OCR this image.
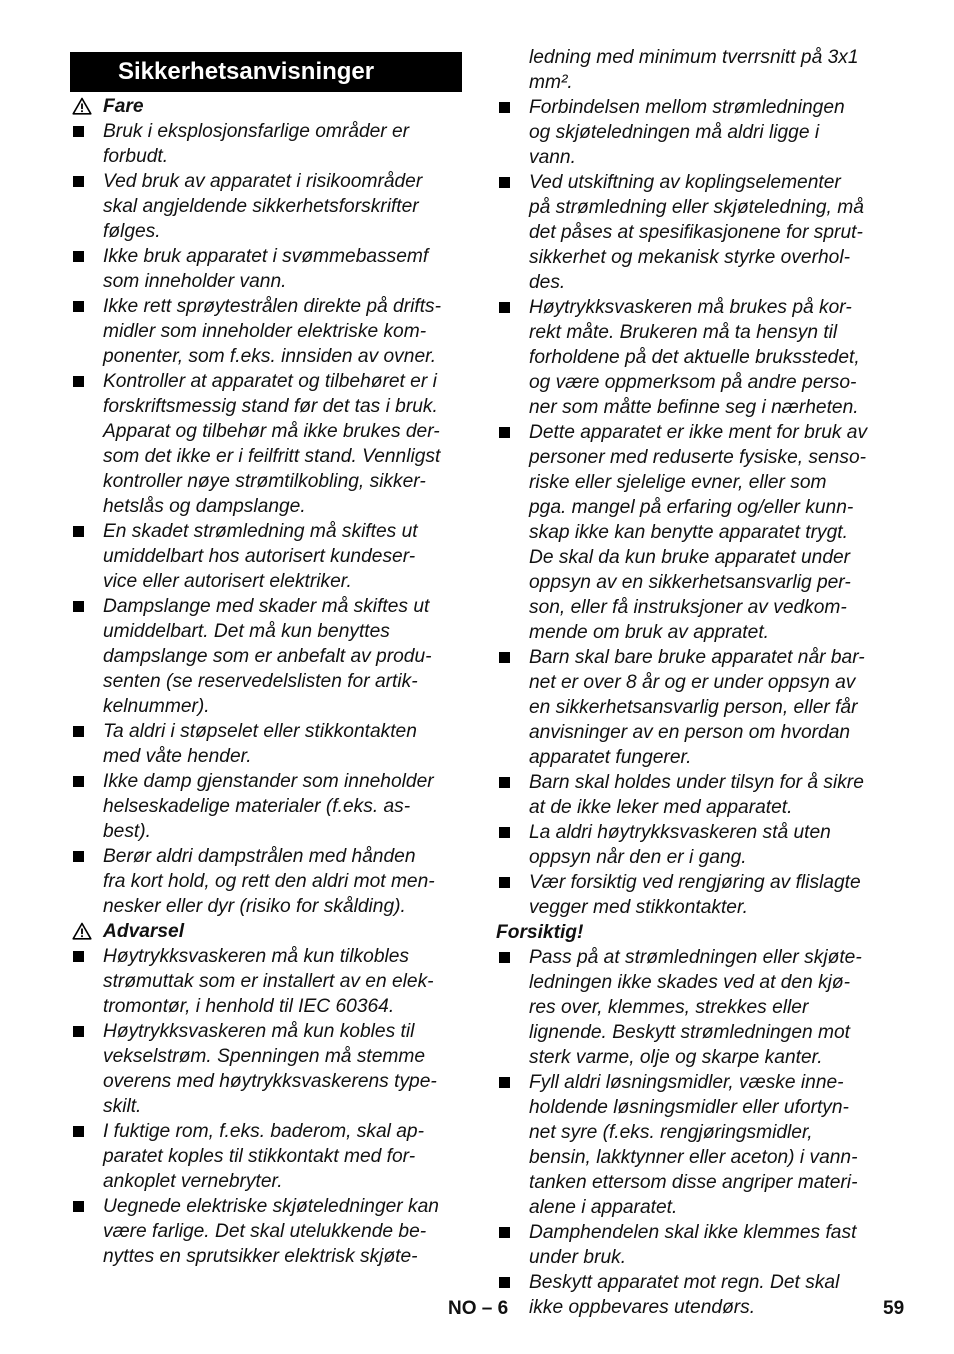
Sikkerhetsanvisninger
Fare
Bruk i eksplosjonsfarlige områder er
forbudt.
Ved bruk av apparatet i risikoområder
skal angjeldende sikkerhetsforskrifter
følges.
Ikke bruk apparatet i svømmebassemf
som inneholder vann.
Ikke rett sprøytestrålen direkte på drifts-
midler som inneholder elektriske kom-
ponenter, som f.eks. innsiden av ovner.
Kontroller at apparatet og tilbehøret er i
forskriftsmessig stand før det tas i bruk.
Apparat og tilbehør må ikke brukes der-
som det ikke er i feilfritt stand. Vennligst
kontroller nøye strømtilkobling, sikker-
hetslås og dampslange.
En skadet strømledning må skiftes ut
umiddelbart hos autorisert kundeser-
vice eller autorisert elektriker.
Dampslange med skader må skiftes ut
umiddelbart. Det må kun benyttes
dampslange som er anbefalt av produ-
senten (se reservedelslisten for artik-
kelnummer).
Ta aldri i støpselet eller stikkontakten
med våte hender.
Ikke damp gjenstander som inneholder
helseskadelige materialer (f.eks. as-
best).
Berør aldri dampstrålen med hånden
fra kort hold, og rett den aldri mot men-
nesker eller dyr (risiko for skålding).
Advarsel
Høytrykksvaskeren må kun tilkobles
strømuttak som er installert av en elek-
tromontør, i henhold til IEC 60364.
Høytrykksvaskeren må kun kobles til
vekselstrøm. Spenningen må stemme
overens med høytrykksvaskerens type-
skilt.
I fuktige rom, f.eks. baderom, skal ap-
paratet koples til stikkontakt med for-
ankoplet vernebryter.
Uegnede elektriske skjøteledninger kan
være farlige. Det skal utelukkende be-
nyttes en sprutsikker elektrisk skjøte-
ledning med minimum tverrsnitt på 3x1
mm².
Forbindelsen mellom strømledningen
og skjøteledningen må aldri ligge i
vann.
Ved utskiftning av koplingselementer
på strømledning eller skjøteledning, må
det påses at spesifikasjonene for sprut-
sikkerhet og mekanisk styrke overhol-
des.
Høytrykksvaskeren må brukes på kor-
rekt måte. Brukeren må ta hensyn til
forholdene på det aktuelle bruksstedet,
og være oppmerksom på andre perso-
ner som måtte befinne seg i nærheten.
Dette apparatet er ikke ment for bruk av
personer med reduserte fysiske, senso-
riske eller sjelelige evner, eller som
pga. mangel på erfaring og/eller kunn-
skap ikke kan benytte apparatet trygt.
De skal da kun bruke apparatet under
oppsyn av en sikkerhetsansvarlig per-
son, eller få instruksjoner av vedkom-
mende om bruk av appratet.
Barn skal bare bruke apparatet når bar-
net er over 8 år og er under oppsyn av
en sikkerhetsansvarlig person, eller får
anvisninger av en person om hvordan
apparatet fungerer.
Barn skal holdes under tilsyn for å sikre
at de ikke leker med apparatet.
La aldri høytrykksvaskeren stå uten
oppsyn når den er i gang.
Vær forsiktig ved rengjøring av flislagte
vegger med stikkontakter.
Forsiktig!
Pass på at strømledningen eller skjøte-
ledningen ikke skades ved at den kjø-
res over, klemmes, strekkes eller
lignende. Beskytt strømledningen mot
sterk varme, olje og skarpe kanter.
Fyll aldri løsningsmidler, væske inne-
holdende løsningsmidler eller ufortyn-
net syre (f.eks. rengjøringsmidler,
bensin, lakktynner eller aceton) i vann-
tanken ettersom disse angriper materi-
alene i apparatet.
Damphendelen skal ikke klemmes fast
under bruk.
Beskytt apparatet mot regn. Det skal
ikke oppbevares utendørs.
NO – 6	59
